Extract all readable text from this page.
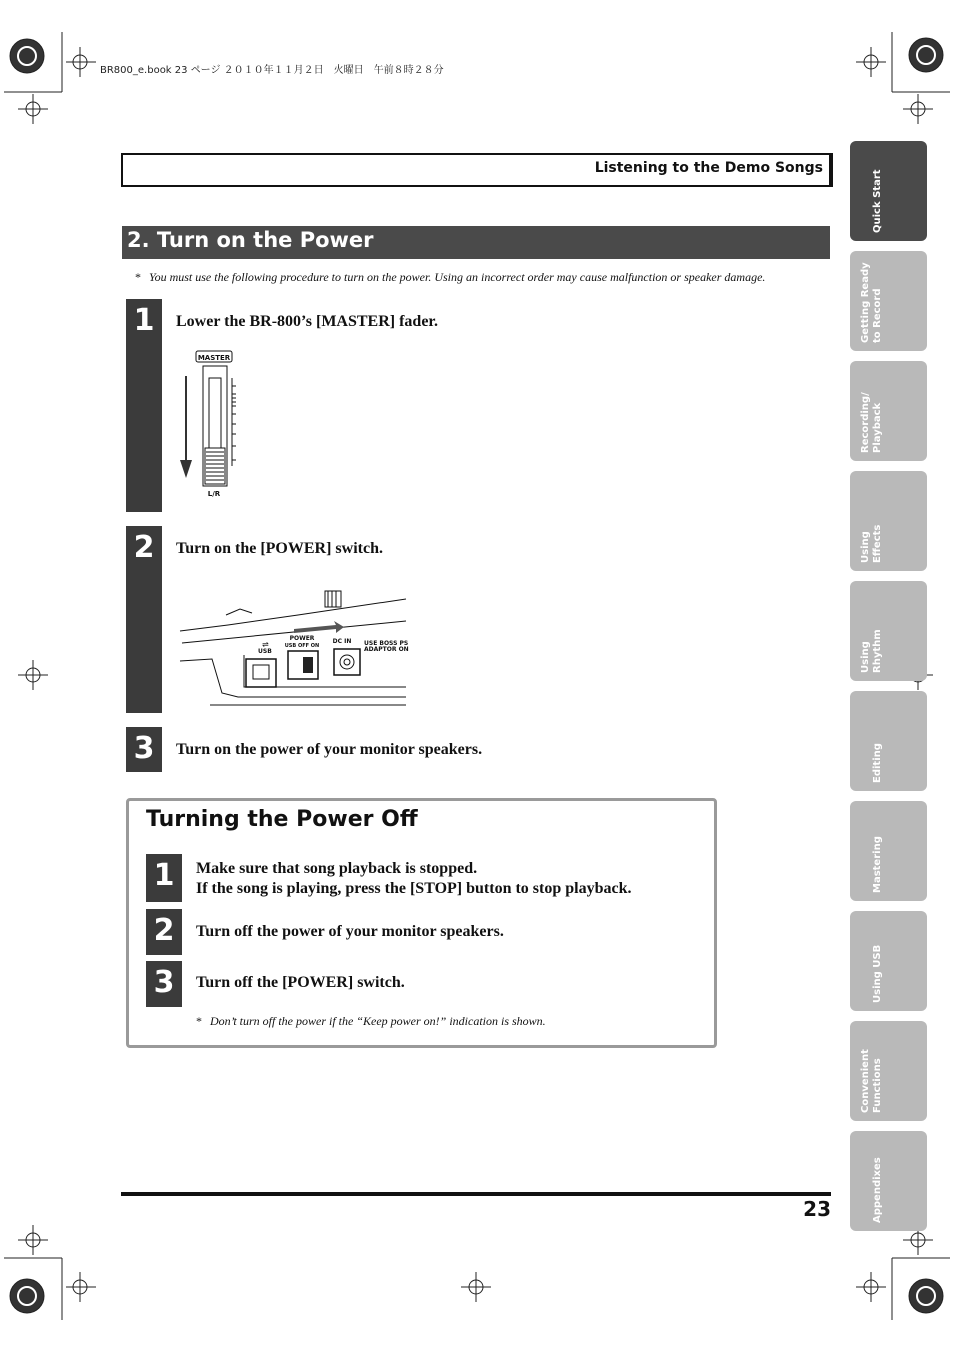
BR800_e.book 23 ページ ２０１０年１１月２日　火曜日　午前８時２８分
Listening to the Demo Songs
2. Turn on the Power
* You must use the following procedure to turn on the power. Using an incorrect order may cause malfunction or speaker damage.
1	Lower the BR-800’s [MASTER] fader.
MASTER
L/R
2	Turn on the [POWER] switch.
USB
⇌
POWER
USB OFF ON
DC IN USE BOSS PS
ADAPTOR ON
3	Turn on the power of your monitor speakers.
Turning the Power Off
1	Make sure that song playback is stopped.
If the song is playing, press the [STOP] button to stop playback.
2	Turn off the power of your monitor speakers.
3	Turn off the [POWER] switch.
* Don’t turn off the power if the “Keep power on!” indication is shown.
23
Quick Start
Getting Ready
to Record
Recording/
Playback
Using
Effects
Using
Rhythm
Editing
Mastering
Using USB
Convenient
Functions
Appendixes
